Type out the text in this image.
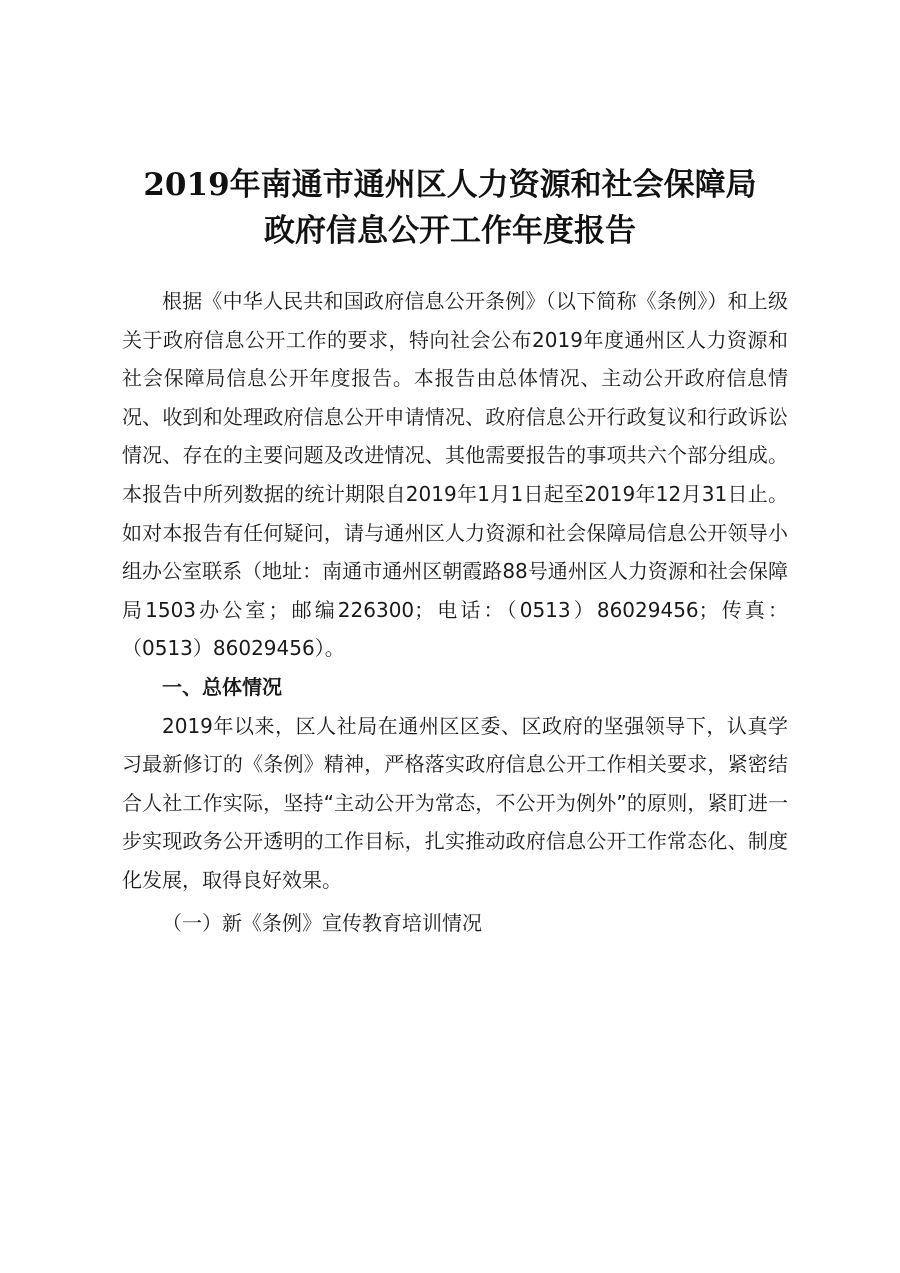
2019年南通市通州区人力资源和社会保障局
政府信息公开工作年度报告

根据《中华人民共和国政府信息公开条例》（以下简称《条例》）和上级关于政府信息公开工作的要求，特向社会公布2019年度通州区人力资源和社会保障局信息公开年度报告。本报告由总体情况、主动公开政府信息情况、收到和处理政府信息公开申请情况、政府信息公开行政复议和行政诉讼情况、存在的主要问题及改进情况、其他需要报告的事项共六个部分组成。本报告中所列数据的统计期限自2019年1月1日起至2019年12月31日止。如对本报告有任何疑问，请与通州区人力资源和社会保障局信息公开领导小组办公室联系（地址：南通市通州区朝霞路88号通州区人力资源和社会保障局1503办公室；邮编226300；电话：（0513）86029456；传真：（0513）86029456）。

一、总体情况

2019年以来，区人社局在通州区区委、区政府的坚强领导下，认真学习最新修订的《条例》精神，严格落实政府信息公开工作相关要求，紧密结合人社工作实际，坚持“主动公开为常态，不公开为例外”的原则，紧盯进一步实现政务公开透明的工作目标，扎实推动政府信息公开工作常态化、制度化发展，取得良好效果。

（一）新《条例》宣传教育培训情况
